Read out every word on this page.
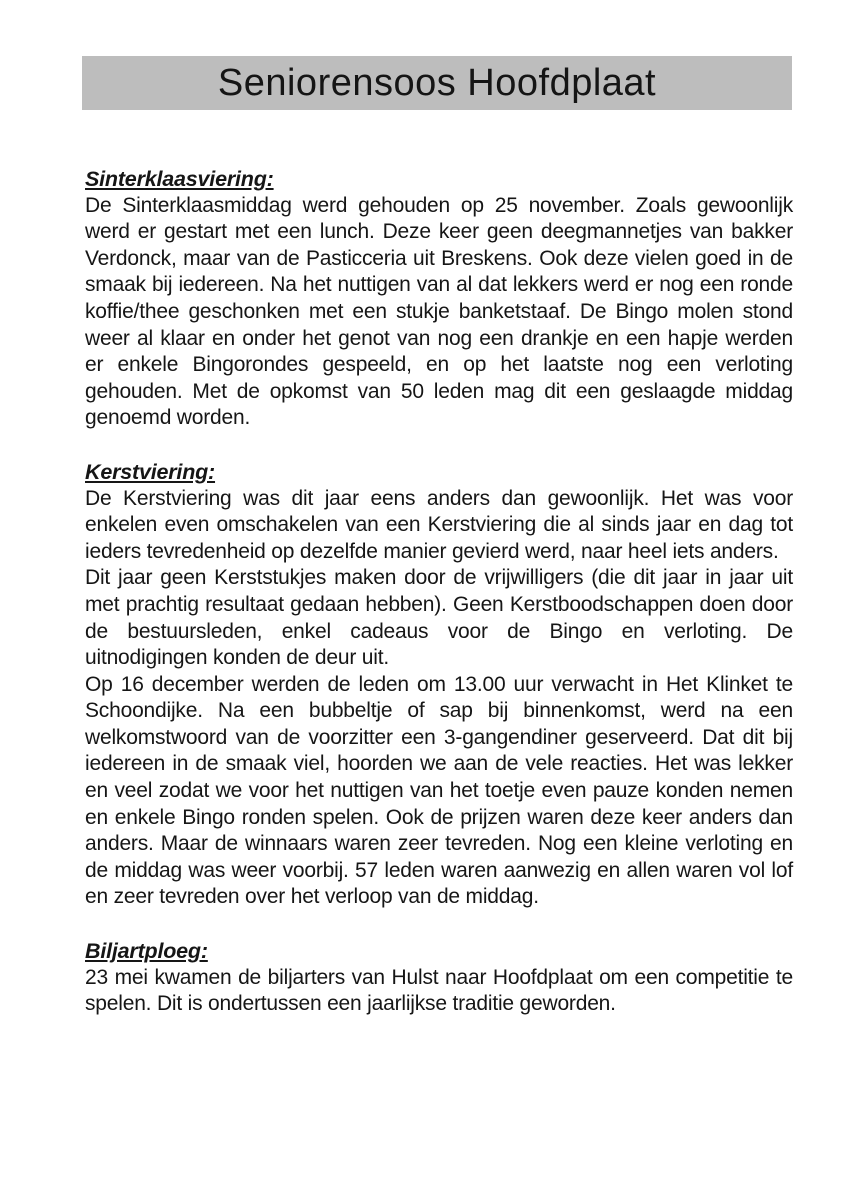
Seniorensoos Hoofdplaat
Sinterklaasviering:

De Sinterklaasmiddag werd gehouden op 25 november. Zoals gewoonlijk werd er gestart met een lunch. Deze keer geen deegmannetjes van bakker Verdonck, maar van de Pasticceria uit Breskens. Ook deze vielen goed in de smaak bij iedereen. Na het nuttigen van al dat lekkers werd er nog een ronde koffie/thee geschonken met een stukje banketstaaf. De Bingo molen stond weer al klaar en onder het genot van nog een drankje en een hapje werden er enkele Bingorondes gespeeld, en op het laatste nog een verloting gehouden. Met de opkomst van 50 leden mag dit een geslaagde middag genoemd worden.

Kerstviering:

De Kerstviering was dit jaar eens anders dan gewoonlijk. Het was voor enkelen even omschakelen van een Kerstviering die al sinds jaar en dag tot ieders tevredenheid op dezelfde manier gevierd werd, naar heel iets anders.

Dit jaar geen Kerststukjes maken door de vrijwilligers (die dit jaar in jaar uit met prachtig resultaat gedaan hebben). Geen Kerstboodschappen doen door de bestuursleden, enkel cadeaus voor de Bingo en verloting. De uitnodigingen konden de deur uit.

Op 16 december werden de leden om 13.00 uur verwacht in Het Klinket te Schoondijke. Na een bubbeltje of sap bij binnenkomst, werd na een welkomstwoord van de voorzitter een 3-gangendiner geserveerd. Dat dit bij iedereen in de smaak viel, hoorden we aan de vele reacties. Het was lekker en veel zodat we voor het nuttigen van het toetje even pauze konden nemen en enkele Bingo ronden spelen. Ook de prijzen waren deze keer anders dan anders. Maar de winnaars waren zeer tevreden. Nog een kleine verloting en de middag was weer voorbij. 57 leden waren aanwezig en allen waren vol lof en zeer tevreden over het verloop van de middag.

Biljartploeg:

23 mei kwamen de biljarters van Hulst naar Hoofdplaat om een competitie te spelen. Dit is ondertussen een jaarlijkse traditie geworden.
